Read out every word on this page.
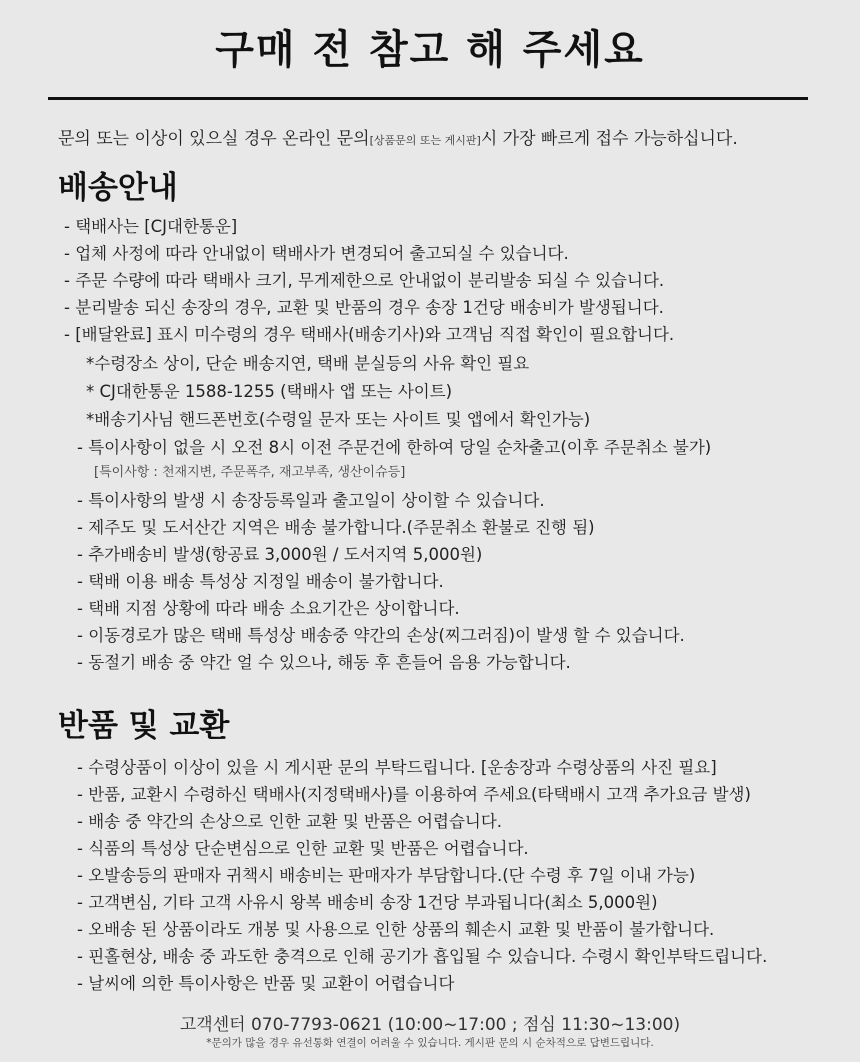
구매 전 참고 해 주세요
문의 또는 이상이 있으실 경우 온라인 문의[상품문의 또는 게시판]시 가장 빠르게 접수 가능하십니다.
배송안내
- 택배사는 [CJ대한통운]
- 업체 사정에 따라 안내없이 택배사가 변경되어 출고되실 수 있습니다.
- 주문 수량에 따라 택배사 크기, 무게제한으로 안내없이 분리발송 되실 수 있습니다.
- 분리발송 되신 송장의 경우, 교환 및 반품의 경우 송장 1건당 배송비가 발생됩니다.
- [배달완료] 표시 미수령의 경우 택배사(배송기사)와 고객님 직접 확인이 필요합니다.
*수령장소 상이, 단순 배송지연, 택배 분실등의 사유 확인 필요
* CJ대한통운 1588-1255 (택배사 앱 또는 사이트)
*배송기사님 핸드폰번호(수령일 문자 또는 사이트 및 앱에서 확인가능)
- 특이사항이 없을 시 오전 8시 이전 주문건에 한하여 당일 순차출고(이후 주문취소 불가)
[특이사항 : 천재지변, 주문폭주, 재고부족, 생산이슈등]
- 특이사항의 발생 시 송장등록일과 출고일이 상이할 수 있습니다.
- 제주도 및 도서산간 지역은 배송 불가합니다.(주문취소 환불로 진행 됨)
- 추가배송비 발생(항공료 3,000원 / 도서지역 5,000원)
- 택배 이용 배송 특성상 지정일 배송이 불가합니다.
- 택배 지점 상황에 따라 배송 소요기간은 상이합니다.
- 이동경로가 많은 택배 특성상 배송중 약간의 손상(찌그러짐)이 발생 할 수 있습니다.
- 동절기 배송 중 약간 얼 수 있으나, 해동 후 흔들어 음용 가능합니다.
반품 및 교환
- 수령상품이 이상이 있을 시 게시판 문의 부탁드립니다. [운송장과 수령상품의 사진 필요]
- 반품, 교환시 수령하신 택배사(지정택배사)를 이용하여 주세요(타택배시 고객 추가요금 발생)
- 배송 중 약간의 손상으로 인한 교환 및 반품은 어렵습니다.
- 식품의 특성상 단순변심으로 인한 교환 및 반품은 어렵습니다.
- 오발송등의 판매자 귀책시 배송비는 판매자가 부담합니다.(단 수령 후 7일 이내 가능)
- 고객변심, 기타 고객 사유시 왕복 배송비 송장 1건당 부과됩니다(최소 5,000원)
- 오배송 된 상품이라도 개봉 및 사용으로 인한 상품의 훼손시 교환 및 반품이 불가합니다.
- 핀홀현상, 배송 중 과도한 충격으로 인해 공기가 흡입될 수 있습니다. 수령시 확인부탁드립니다.
- 날씨에 의한 특이사항은 반품 및 교환이 어렵습니다
고객센터 070-7793-0621 (10:00~17:00 ; 점심 11:30~13:00)
*문의가 많을 경우 유선통화 연결이 어려울 수 있습니다. 게시판 문의 시 순차적으로 답변드립니다.
